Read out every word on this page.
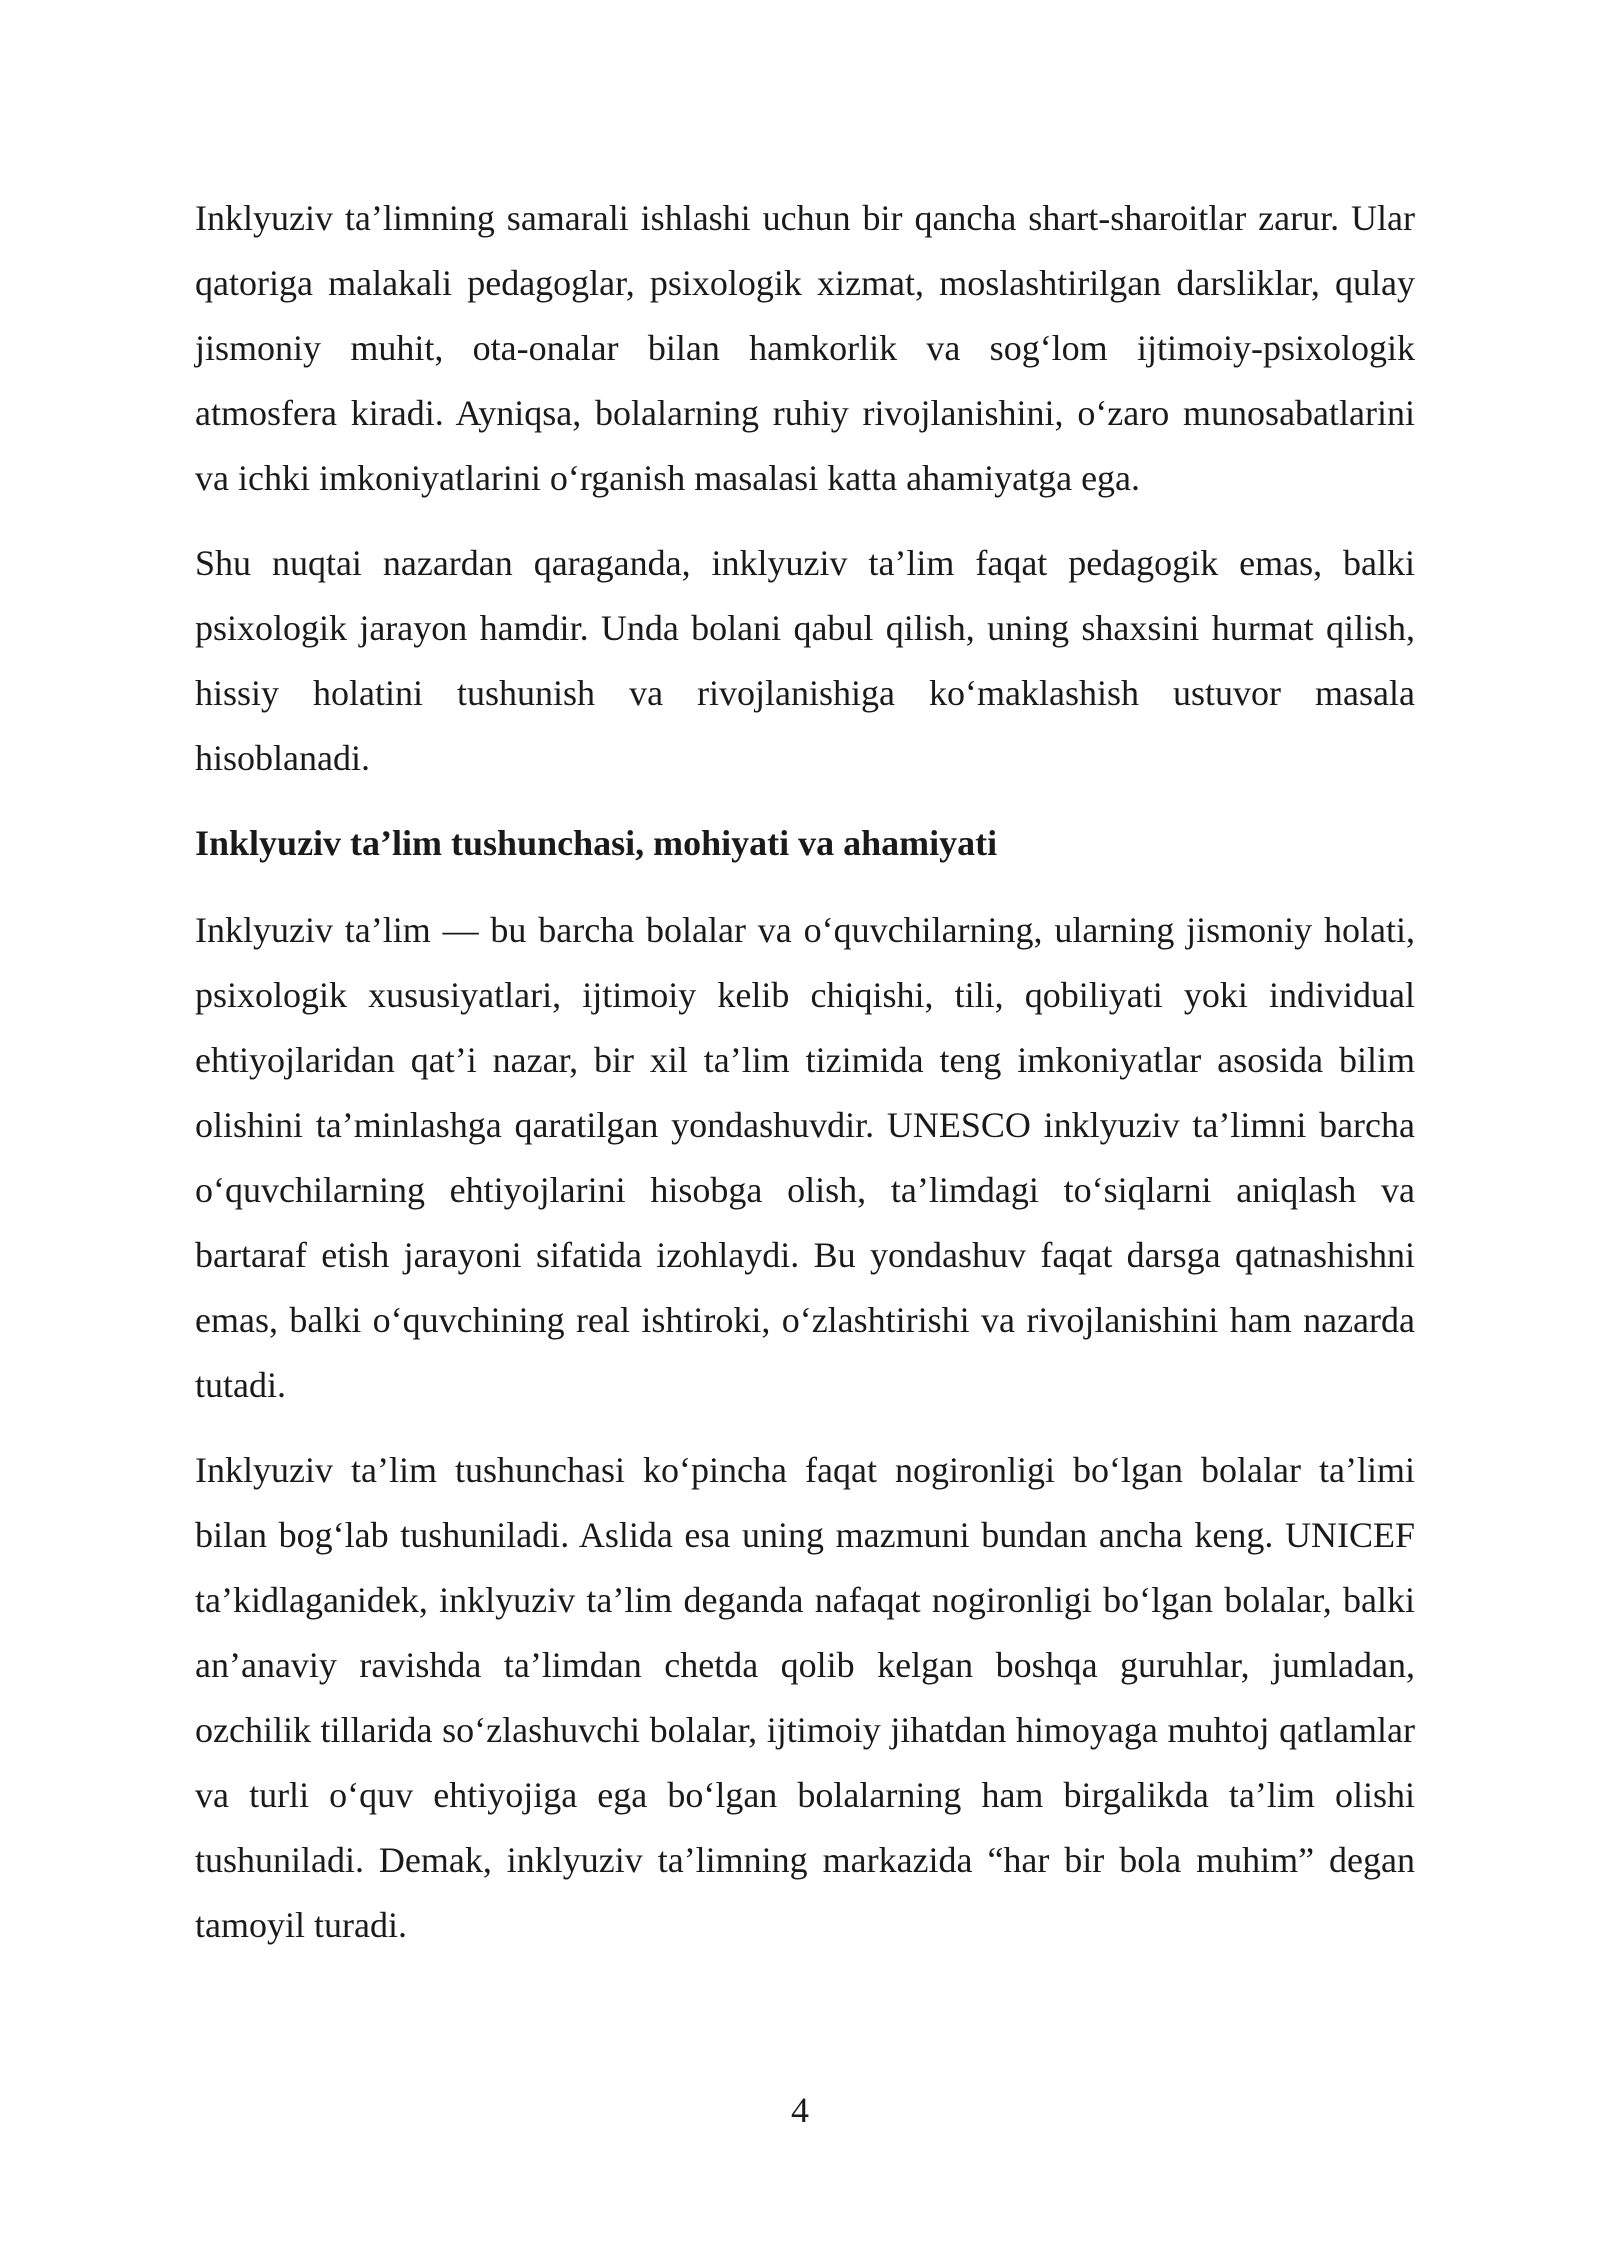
Inklyuziv ta’limning samarali ishlashi uchun bir qancha shart-sharoitlar zarur. Ular qatoriga malakali pedagoglar, psixologik xizmat, moslashtirilgan darsliklar, qulay jismoniy muhit, ota-onalar bilan hamkorlik va sog‘lom ijtimoiy-psixologik atmosfera kiradi. Ayniqsa, bolalarning ruhiy rivojlanishini, o‘zaro munosabatlarini va ichki imkoniyatlarini o‘rganish masalasi katta ahamiyatga ega.

Shu nuqtai nazardan qaraganda, inklyuziv ta’lim faqat pedagogik emas, balki psixologik jarayon hamdir. Unda bolani qabul qilish, uning shaxsini hurmat qilish, hissiy holatini tushunish va rivojlanishiga ko‘maklashish ustuvor masala hisoblanadi.

Inklyuziv ta’lim tushunchasi, mohiyati va ahamiyati

Inklyuziv ta’lim — bu barcha bolalar va o‘quvchilarning, ularning jismoniy holati, psixologik xususiyatlari, ijtimoiy kelib chiqishi, tili, qobiliyati yoki individual ehtiyojlaridan qat’i nazar, bir xil ta’lim tizimida teng imkoniyatlar asosida bilim olishini ta’minlashga qaratilgan yondashuvdir. UNESCO inklyuziv ta’limni barcha o‘quvchilarning ehtiyojlarini hisobga olish, ta’limdagi to‘siqlarni aniqlash va bartaraf etish jarayoni sifatida izohlaydi. Bu yondashuv faqat darsga qatnashishni emas, balki o‘quvchining real ishtiroki, o‘zlashtirishi va rivojlanishini ham nazarda tutadi.

Inklyuziv ta’lim tushunchasi ko‘pincha faqat nogironligi bo‘lgan bolalar ta’limi bilan bog‘lab tushuniladi. Aslida esa uning mazmuni bundan ancha keng. UNICEF ta’kidlaganidek, inklyuziv ta’lim deganda nafaqat nogironligi bo‘lgan bolalar, balki an’anaviy ravishda ta’limdan chetda qolib kelgan boshqa guruhlar, jumladan, ozchilik tillarida so‘zlashuvchi bolalar, ijtimoiy jihatdan himoyaga muhtoj qatlamlar va turli o‘quv ehtiyojiga ega bo‘lgan bolalarning ham birgalikda ta’lim olishi tushuniladi. Demak, inklyuziv ta’limning markazida “har bir bola muhim” degan tamoyil turadi.

4
